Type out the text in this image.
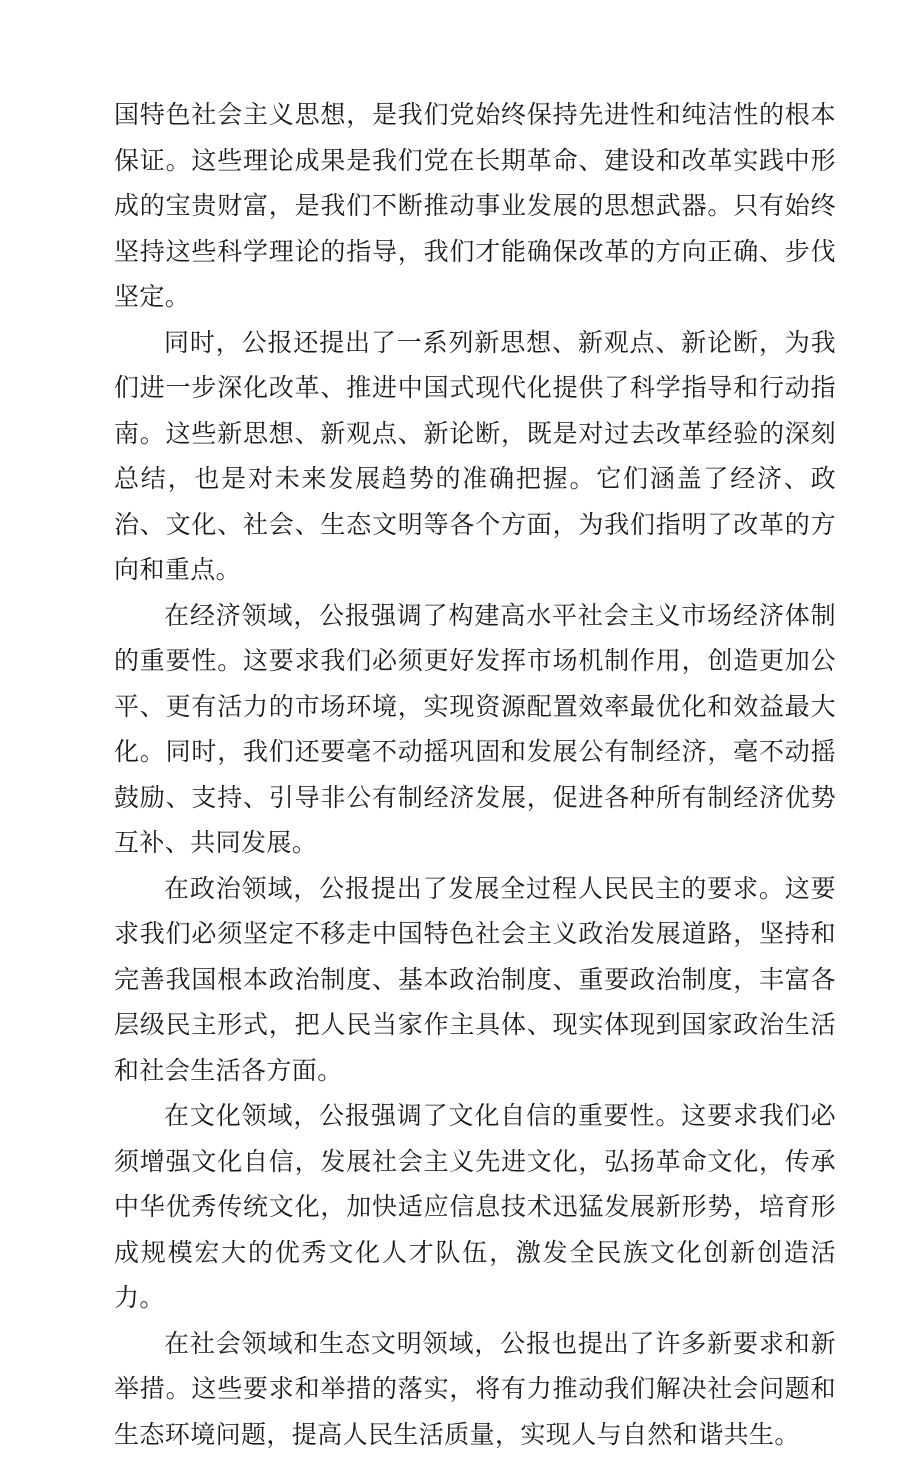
国特色社会主义思想，是我们党始终保持先进性和纯洁性的根本保证。这些理论成果是我们党在长期革命、建设和改革实践中形成的宝贵财富，是我们不断推动事业发展的思想武器。只有始终坚持这些科学理论的指导，我们才能确保改革的方向正确、步伐坚定。

同时，公报还提出了一系列新思想、新观点、新论断，为我们进一步深化改革、推进中国式现代化提供了科学指导和行动指南。这些新思想、新观点、新论断，既是对过去改革经验的深刻总结，也是对未来发展趋势的准确把握。它们涵盖了经济、政治、文化、社会、生态文明等各个方面，为我们指明了改革的方向和重点。

在经济领域，公报强调了构建高水平社会主义市场经济体制的重要性。这要求我们必须更好发挥市场机制作用，创造更加公平、更有活力的市场环境，实现资源配置效率最优化和效益最大化。同时，我们还要毫不动摇巩固和发展公有制经济，毫不动摇鼓励、支持、引导非公有制经济发展，促进各种所有制经济优势互补、共同发展。

在政治领域，公报提出了发展全过程人民民主的要求。这要求我们必须坚定不移走中国特色社会主义政治发展道路，坚持和完善我国根本政治制度、基本政治制度、重要政治制度，丰富各层级民主形式，把人民当家作主具体、现实体现到国家政治生活和社会生活各方面。

在文化领域，公报强调了文化自信的重要性。这要求我们必须增强文化自信，发展社会主义先进文化，弘扬革命文化，传承中华优秀传统文化，加快适应信息技术迅猛发展新形势，培育形成规模宏大的优秀文化人才队伍，激发全民族文化创新创造活力。

在社会领域和生态文明领域，公报也提出了许多新要求和新举措。这些要求和举措的落实，将有力推动我们解决社会问题和生态环境问题，提高人民生活质量，实现人与自然和谐共生。
